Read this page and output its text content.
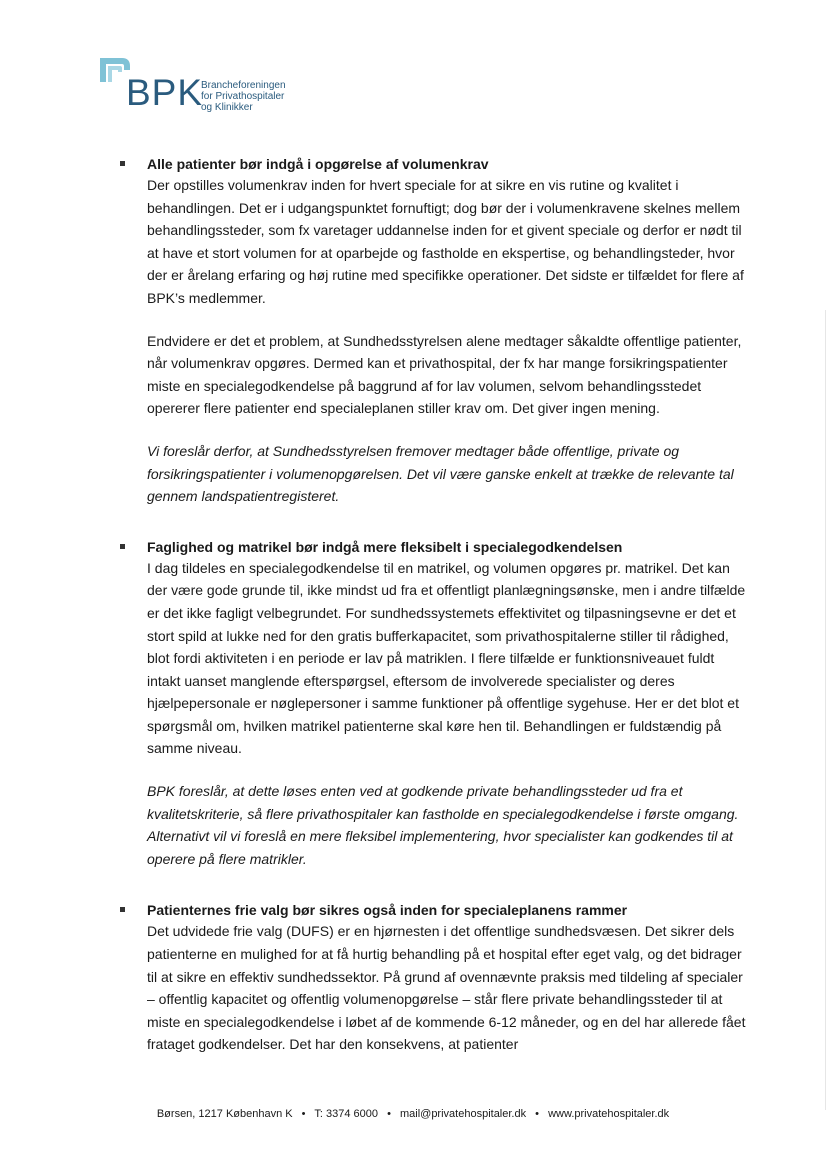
BPK
Brancheforeningen
for Privathospitaler
og Klinikker

Alle patienter bør indgå i opgørelse af volumenkrav

Der opstilles volumenkrav inden for hvert speciale for at sikre en vis rutine og kvalitet i behandlingen. Det er i udgangspunktet fornuftigt; dog bør der i volumenkravene skelnes mellem behandlingssteder, som fx varetager uddannelse inden for et givent speciale og derfor er nødt til at have et stort volumen for at oparbejde og fastholde en ekspertise, og behandlingsteder, hvor der er årelang erfaring og høj rutine med specifikke operationer. Det sidste er tilfældet for flere af BPK’s medlemmer.

Endvidere er det et problem, at Sundhedsstyrelsen alene medtager såkaldte offentlige patienter, når volumenkrav opgøres. Dermed kan et privathospital, der fx har mange forsikringspatienter miste en specialegodkendelse på baggrund af for lav volumen, selvom behandlingsstedet opererer flere patienter end specialeplanen stiller krav om. Det giver ingen mening.

Vi foreslår derfor, at Sundhedsstyrelsen fremover medtager både offentlige, private og forsikringspatienter i volumenopgørelsen. Det vil være ganske enkelt at trække de relevante tal gennem landspatientregisteret.

Faglighed og matrikel bør indgå mere fleksibelt i specialegodkendelsen

I dag tildeles en specialegodkendelse til en matrikel, og volumen opgøres pr. matrikel. Det kan der være gode grunde til, ikke mindst ud fra et offentligt planlægningsønske, men i andre tilfælde er det ikke fagligt velbegrundet. For sundhedssystemets effektivitet og tilpasningsevne er det et stort spild at lukke ned for den gratis bufferkapacitet, som privathospitalerne stiller til rådighed, blot fordi aktiviteten i en periode er lav på matriklen. I flere tilfælde er funktionsniveauet fuldt intakt uanset manglende efterspørgsel, eftersom de involverede specialister og deres hjælpepersonale er nøglepersoner i samme funktioner på offentlige sygehuse. Her er det blot et spørgsmål om, hvilken matrikel patienterne skal køre hen til. Behandlingen er fuldstændig på samme niveau.

BPK foreslår, at dette løses enten ved at godkende private behandlingssteder ud fra et kvalitetskriterie, så flere privathospitaler kan fastholde en specialegodkendelse i første omgang. Alternativt vil vi foreslå en mere fleksibel implementering, hvor specialister kan godkendes til at operere på flere matrikler.

Patienternes frie valg bør sikres også inden for specialeplanens rammer

Det udvidede frie valg (DUFS) er en hjørnesten i det offentlige sundhedsvæsen. Det sikrer dels patienterne en mulighed for at få hurtig behandling på et hospital efter eget valg, og det bidrager til at sikre en effektiv sundhedssektor. På grund af ovennævnte praksis med tildeling af specialer – offentlig kapacitet og offentlig volumenopgørelse – står flere private behandlingssteder til at miste en specialegodkendelse i løbet af de kommende 6-12 måneder, og en del har allerede fået frataget godkendelser. Det har den konsekvens, at patienter

Børsen, 1217 København K • T: 3374 6000 • mail@privatehospitaler.dk • www.privatehospitaler.dk
